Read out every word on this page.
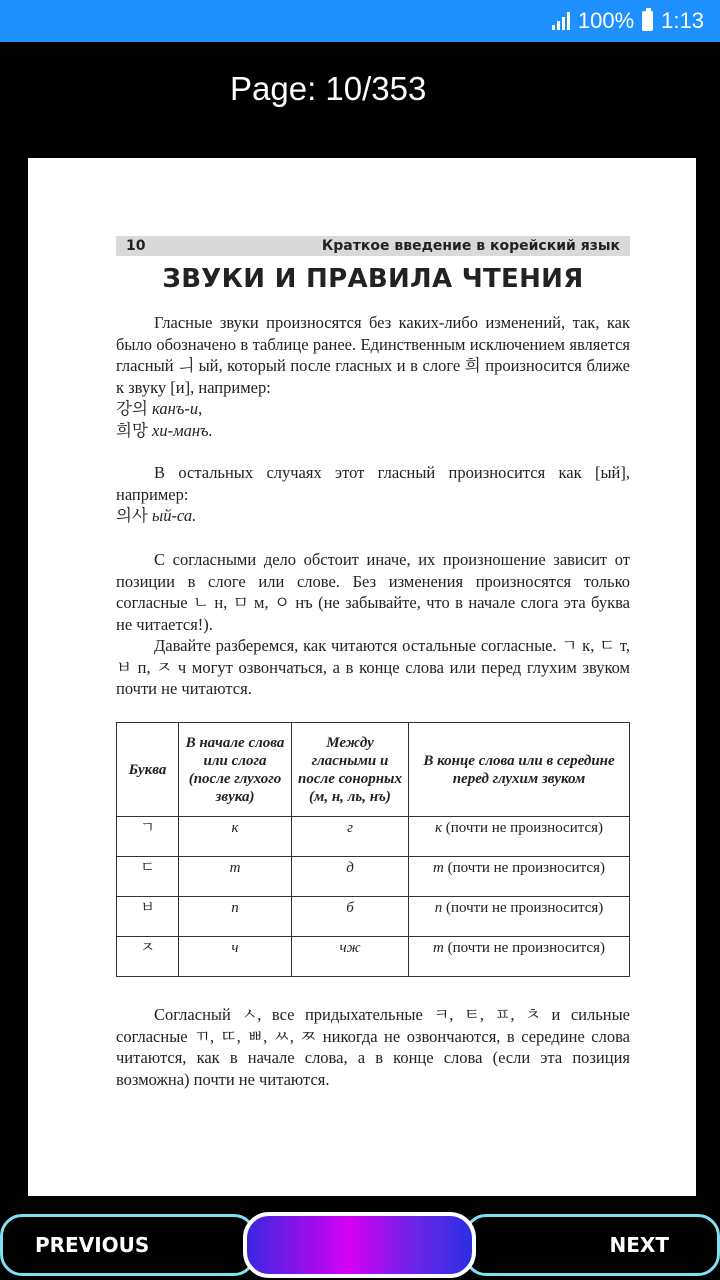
100% 1:13
Page: 10/353
10	Краткое введение в корейский язык
ЗВУКИ И ПРАВИЛА ЧТЕНИЯ

Гласные звуки произносятся без каких-либо изменений, так, как было обозначено в таблице ранее. Единственным исключением является гласный ㅢ ый, который после гласных и в слоге 희 произносится ближе к звуку [и], например:

강의 канъ-и,

희망 хи-манъ.

В остальных случаях этот гласный произносится как [ый], например:

의사 ый-са.

С согласными дело обстоит иначе, их произношение зависит от позиции в слоге или слове. Без изменения произносятся только согласные ㄴ н, ㅁ м, ㅇ нъ (не забывайте, что в начале слога эта буква не читается!).

Давайте разберемся, как читаются остальные согласные. ㄱ к, ㄷ т, ㅂ п, ㅈ ч могут озвончаться, а в конце слова или перед глухим звуком почти не читаются.

Буква	В начале слова или слога (после глухого звука)	Между гласными и после сонорных (м, н, ль, нъ)	В конце слова или в середине перед глухим звуком
ㄱ	к	г	к (почти не произносится)
ㄷ	т	д	т (почти не произносится)
ㅂ	п	б	п (почти не произносится)
ㅈ	ч	чж	т (почти не произносится)

Согласный ㅅ, все придыхательные ㅋ, ㅌ, ㅍ, ㅊ и сильные согласные ㄲ, ㄸ, ㅃ, ㅆ, ㅉ никогда не озвончаются, в середине слова читаются, как в начале слова, а в конце слова (если эта позиция возможна) почти не читаются.

PREVIOUS	NEXT
